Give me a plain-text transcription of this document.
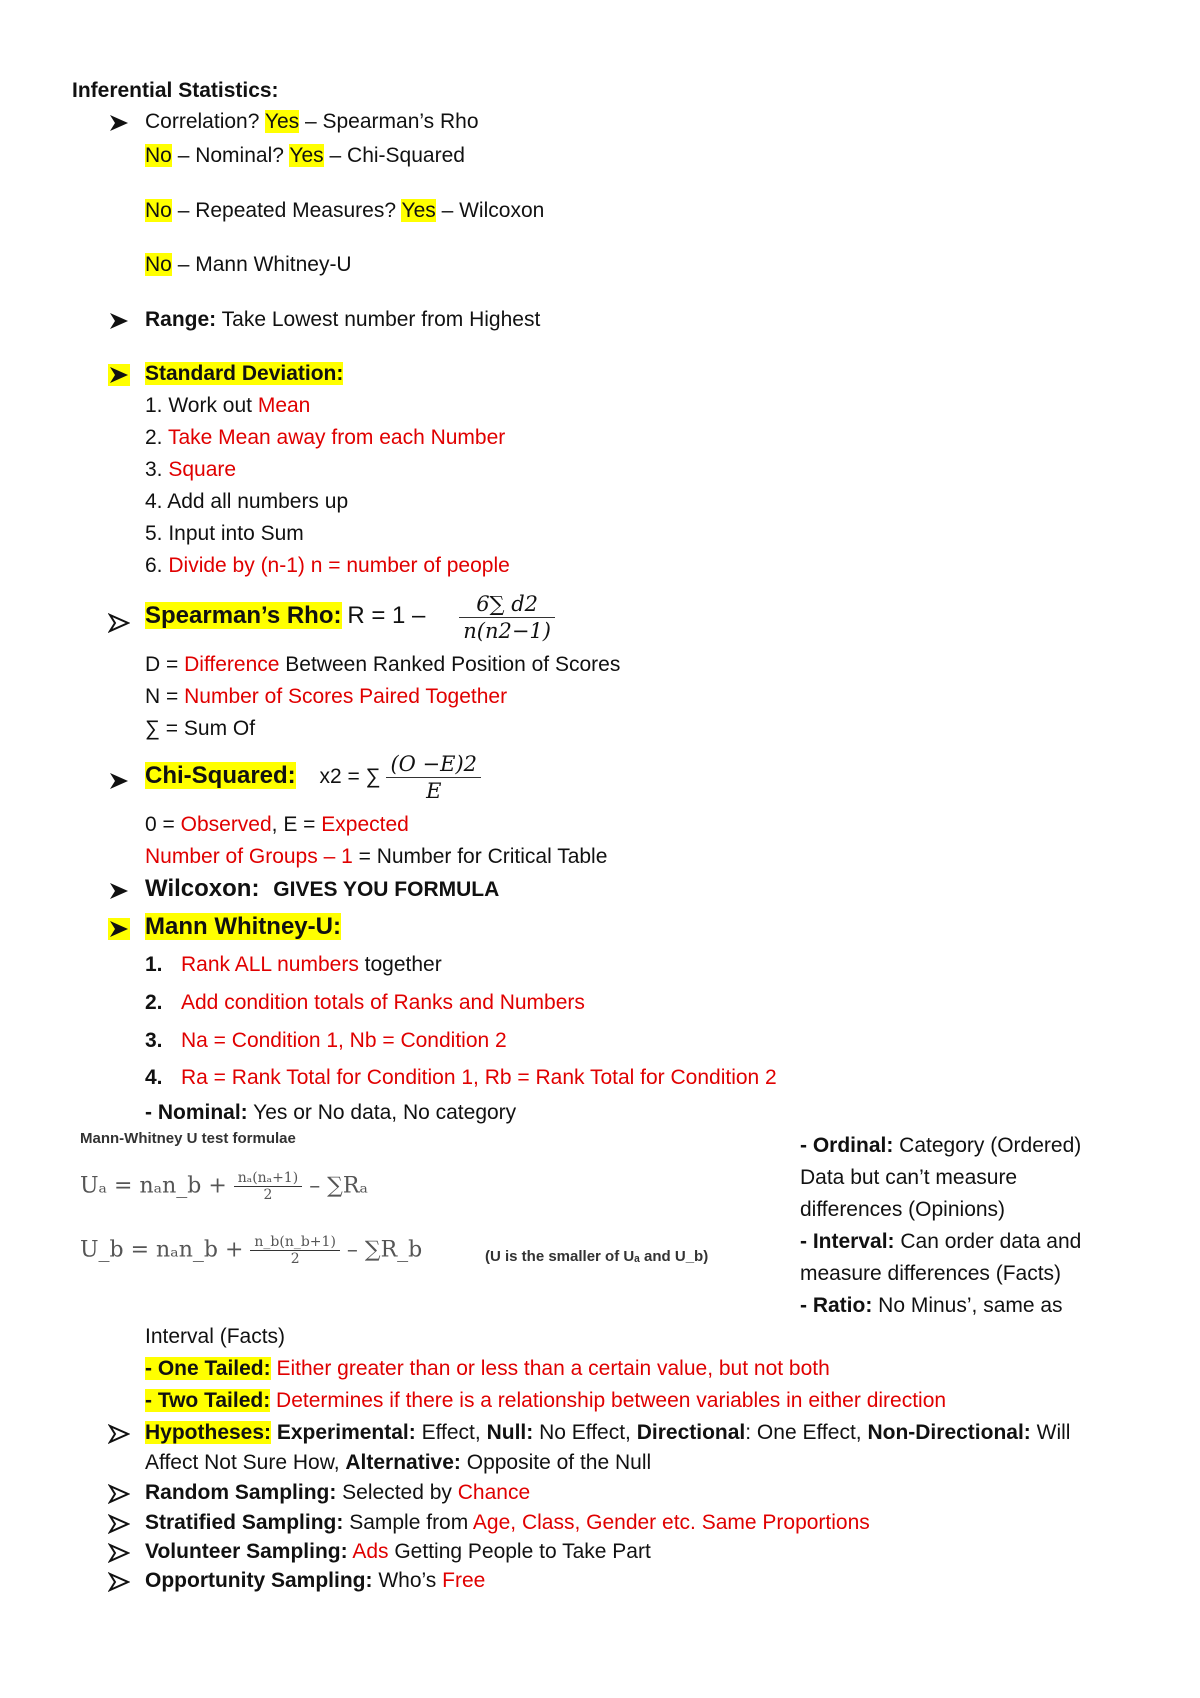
Inferential Statistics:
Correlation? Yes – Spearman’s Rho
No – Nominal? Yes – Chi-Squared
No – Repeated Measures? Yes – Wilcoxon
No – Mann Whitney-U
Range: Take Lowest number from Highest
Standard Deviation:
1. Work out Mean
2. Take Mean away from each Number
3. Square
4. Add all numbers up
5. Input into Sum
6. Divide by (n-1) n = number of people
Spearman’s Rho: $R = 1 - \frac{6\sum d2}{n(n2-1)}$
D = Difference Between Ranked Position of Scores
N = Number of Scores Paired Together
∑ = Sum Of
Chi-Squared: x2 = ∑ $\frac{(O -E)2}{E}$
0 = Observed, E = Expected
Number of Groups – 1 = Number for Critical Table
Wilcoxon: GIVES YOU FORMULA
Mann Whitney-U:
1. Rank ALL numbers together
2. Add condition totals of Ranks and Numbers
3. Na = Condition 1, Nb = Condition 2
4. Ra = Rank Total for Condition 1, Rb = Rank Total for Condition 2
- Nominal: Yes or No data, No category
Mann-Whitney U test formulae
Uₐ = nₐn_b + $\frac{\text{nₐ(nₐ+1)}}{2} - \sum R_a$
U_b = nₐn_b + $\frac{n\_b(n\_b+1)}{2}$ – ∑R_b	(U is the smaller of Uₐ and U_b)
- Ordinal: Category (Ordered)
Data but can’t measure
differences (Opinions)
- Interval: Can order data and
measure differences (Facts)
- Ratio: No Minus’, same as
Interval (Facts)
- One Tailed: Either greater than or less than a certain value, but not both
- Two Tailed: Determines if there is a relationship between variables in either direction
Hypotheses: Experimental: Effect, Null: No Effect, Directional: One Effect, Non-Directional: Will
Affect Not Sure How, Alternative: Opposite of the Null
Random Sampling: Selected by Chance
Stratified Sampling: Sample from Age, Class, Gender etc. Same Proportions
Volunteer Sampling: Ads Getting People to Take Part
Opportunity Sampling: Who’s Free
